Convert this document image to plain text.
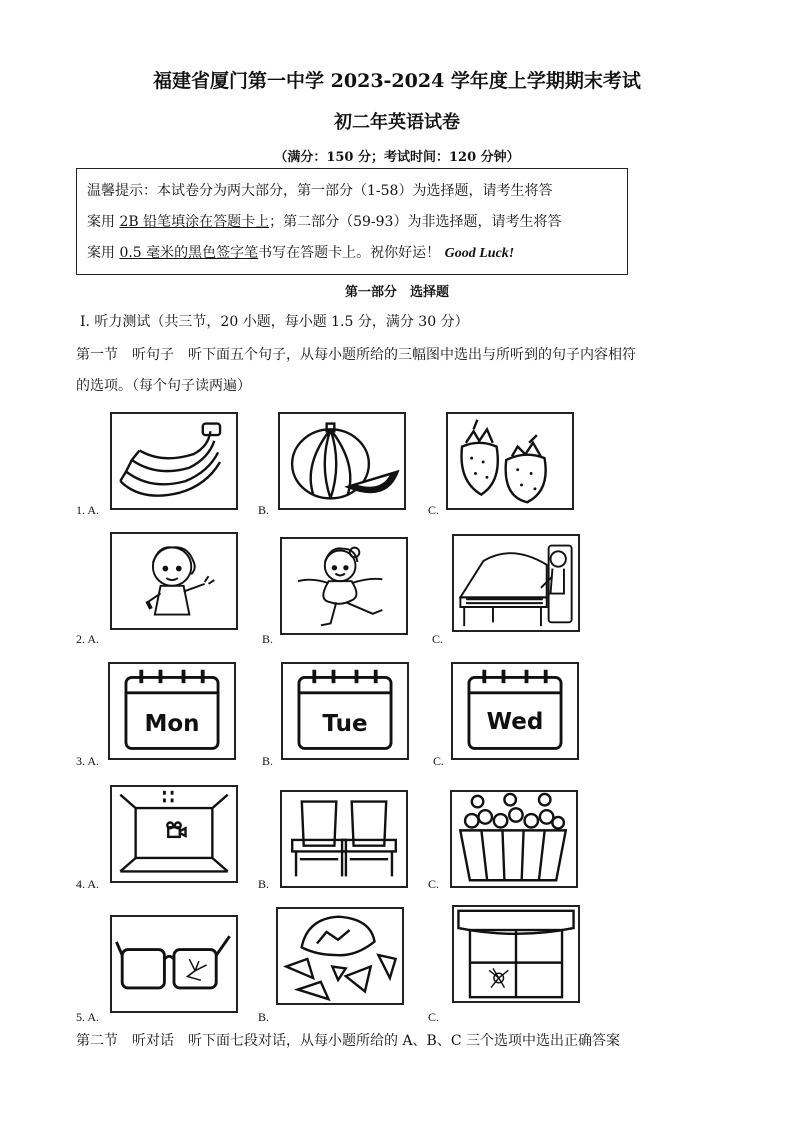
福建省厦门第一中学 2023-2024 学年度上学期期末考试
初二年英语试卷
（满分：150 分；考试时间：120 分钟）
温馨提示：本试卷分为两大部分，第一部分（1-58）为选择题，请考生将答
案用 2B 铅笔填涂在答题卡上；第二部分（59-93）为非选择题，请考生将答
案用 0.5 毫米的黑色签字笔书写在答题卡上。祝你好运！ Good Luck!
第一部分　选择题
Ⅰ. 听力测试（共三节，20 小题，每小题 1.5 分，满分 30 分）
第一节　听句子　听下面五个句子，从每小题所给的三幅图中选出与所听到的句子内容相符
的选项。（每个句子读两遍）
1. A.	B.	C.
2. A.	B.	C.
3. A.	B.	C.
Mon	Tue	Wed
4. A.	B.	C.
5. A.	B.	C.
第二节　听对话　听下面七段对话，从每小题所给的 A、B、C 三个选项中选出正确答案
